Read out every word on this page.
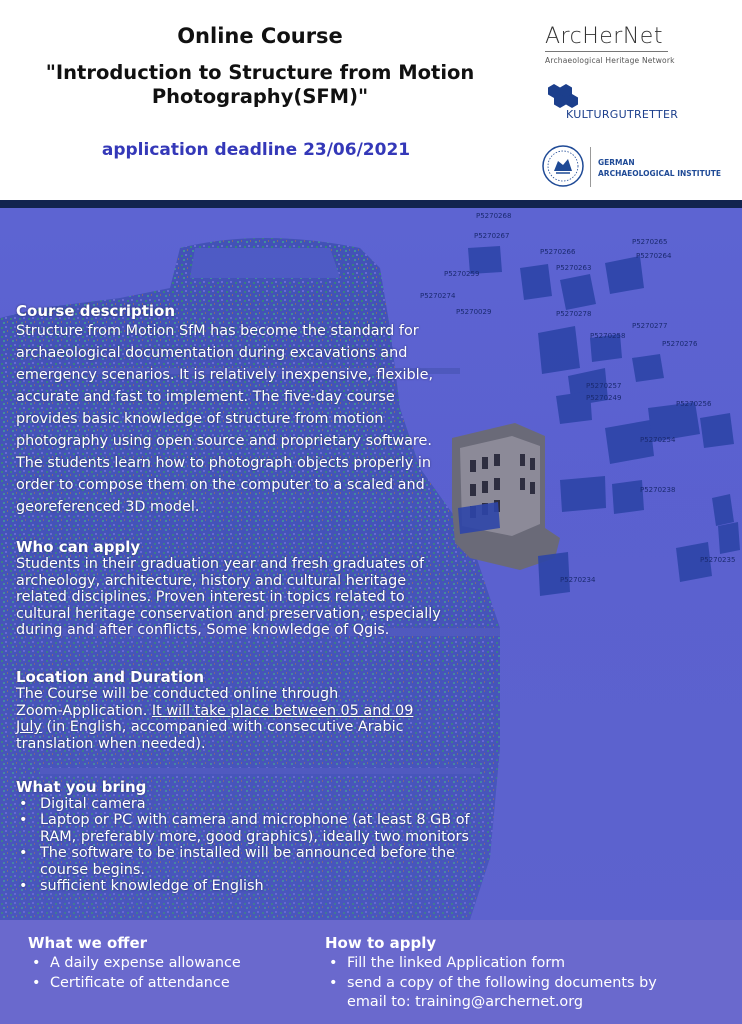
Online Course
"Introduction to Structure from Motion
Photography(SFM)"
application deadline 23/06/2021
ArcHerNet
Archaeological Heritage Network
KULTURGUTRETTER
GERMAN
ARCHAEOLOGICAL INSTITUTE
P5270268
P5270267
P5270266
P5270265
P5270264
P5270263
P5270259
P5270274
P5270029	P5270278
P5270277
P5270276
P5270258
P5270257
P5270249
P5270256
P5270254
P5270238
P5270235
P5270234
Course description
Structure from Motion SfM has become the standard for
archaeological documentation during excavations and
emergency scenarios. It is relatively inexpensive, flexible,
accurate and fast to implement. The five-day course
provides basic knowledge of structure from motion
photography using open source and proprietary software.
The students learn how to photograph objects properly in
order to compose them on the computer to a scaled and
georeferenced 3D model.
Who can apply
Students in their graduation year and fresh graduates of
archeology, architecture, history and cultural heritage
related disciplines. Proven interest in topics related to
cultural heritage conservation and preservation, especially
during and after conflicts, Some knowledge of Qgis.
Location and Duration
The Course will be conducted online through
Zoom-Application. It will take place between 05 and 09
July (in English, accompanied with consecutive Arabic
translation when needed).
What you bring
• Digital camera
• Laptop or PC with camera and microphone (at least 8 GB of RAM, preferably more, good graphics), ideally two monitors
• The software to be installed will be announced before the course begins.
• sufficient knowledge of English
What we offer
• A daily expense allowance
• Certificate of attendance
How to apply
• Fill the linked Application form
• send a copy of the following documents by email to: training@archernet.org
